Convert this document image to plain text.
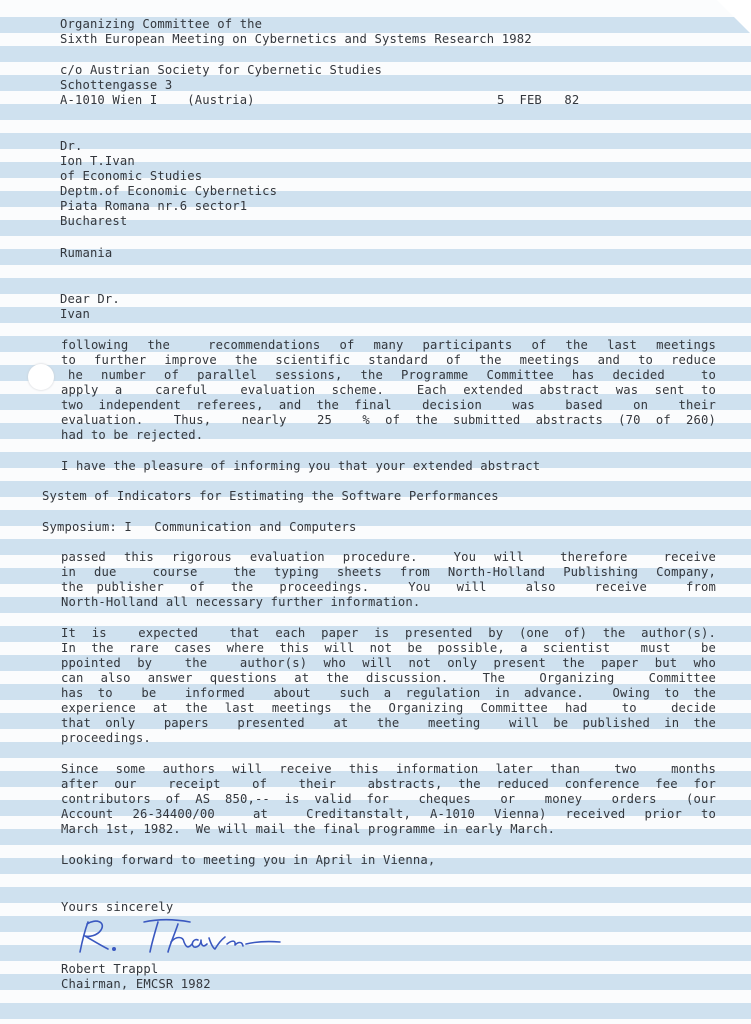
Organizing Committee of the

Sixth European Meeting on Cybernetics and Systems Research 1982

c/o Austrian Society for Cybernetic Studies

Schottengasse 3

A-1010 Wien I    (Austria)	5  FEB   82

Dr.

Ion T.Ivan

of Economic Studies

Deptm.of Economic Cybernetics

Piata Romana nr.6 sector1

Bucharest

Rumania

Dear Dr.

Ivan

following the  recommendations of many participants of the last meetings

to further improve the scientific standard of the meetings and to reduce

he number of parallel sessions, the Programme Committee has decided  to

apply a  careful  evaluation scheme.  Each extended abstract was sent to

two independent referees, and the final  decision  was  based  on  their

evaluation.  Thus,  nearly  25  % of the submitted abstracts (70 of 260)

had to be rejected.

I have the pleasure of informing you that your extended abstract

System of Indicators for Estimating the Software Performances

Symposium: I   Communication and Computers

passed this rigorous evaluation procedure.  You will  therefore  receive

in due  course  the typing sheets from North-Holland Publishing Company,

the publisher  of  the  proceedings.   You  will   also   receive   from

North-Holland all necessary further information.

It is  expected  that each paper is presented by (one of) the author(s).

In the rare cases where this will not be possible, a scientist  must  be

ppointed by  the  author(s) who will not only present the paper but who

can also answer questions at the discussion.  The  Organizing  Committee

has to  be  informed  about  such a regulation in advance.  Owing to the

experience at the last meetings the Organizing Committee had  to  decide

that only  papers  presented  at  the  meeting  will be published in the

proceedings.

Since some authors will receive this information later than  two  months

after our  receipt  of  their  abstracts, the reduced conference fee for

contributors of AS 850,-- is valid for  cheques  or  money  orders  (our

Account 26-34400/00  at  Creditanstalt, A-1010 Vienna) received prior to

March 1st, 1982.  We will mail the final programme in early March.

Looking forward to meeting you in April in Vienna,

Yours sincerely

Robert Trappl

Chairman, EMCSR 1982
